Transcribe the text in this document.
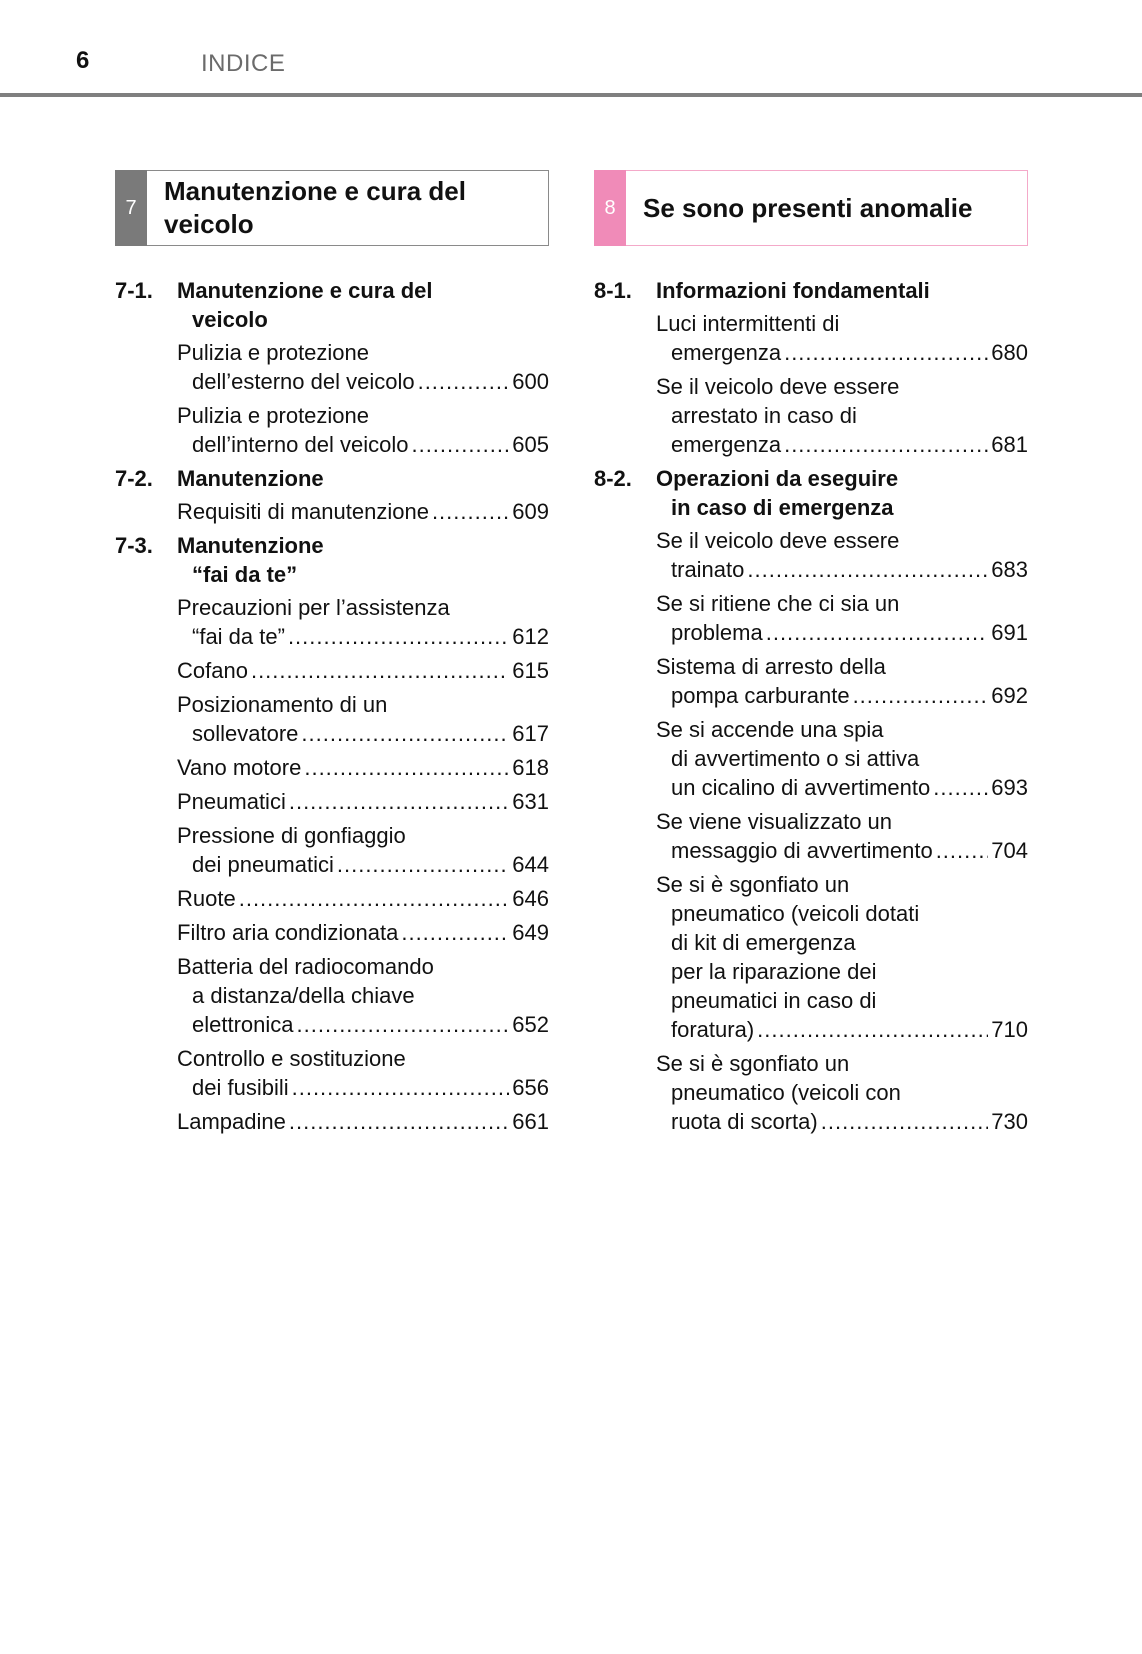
6	INDICE
7
Manutenzione e cura del
veicolo
7-1. Manutenzione e cura del
veicolo
Pulizia e protezione
dell’esterno del veicolo .....	600
Pulizia e protezione
dell’interno del veicolo .....	605
7-2. Manutenzione
Requisiti di manutenzione .....	609
7-3. Manutenzione
“fai da te”
Precauzioni per l’assistenza
“fai da te” .....	612
Cofano .....	615
Posizionamento di un
sollevatore .....	617
Vano motore .....	618
Pneumatici .....	631
Pressione di gonfiaggio
dei pneumatici .....	644
Ruote .....	646
Filtro aria condizionata .....	649
Batteria del radiocomando
a distanza/della chiave
elettronica .....	652
Controllo e sostituzione
dei fusibili .....	656
Lampadine .....	661
8	Se sono presenti anomalie
8-1. Informazioni fondamentali
Luci intermittenti di
emergenza .....	680
Se il veicolo deve essere
arrestato in caso di
emergenza .....	681
8-2. Operazioni da eseguire
in caso di emergenza
Se il veicolo deve essere
trainato .....	683
Se si ritiene che ci sia un
problema .....	691
Sistema di arresto della
pompa carburante .....	692
Se si accende una spia
di avvertimento o si attiva
un cicalino di avvertimento .....	693
Se viene visualizzato un
messaggio di avvertimento .....	704
Se si è sgonfiato un
pneumatico (veicoli dotati
di kit di emergenza
per la riparazione dei
pneumatici in caso di
foratura) .....	710
Se si è sgonfiato un
pneumatico (veicoli con
ruota di scorta) .....	730
